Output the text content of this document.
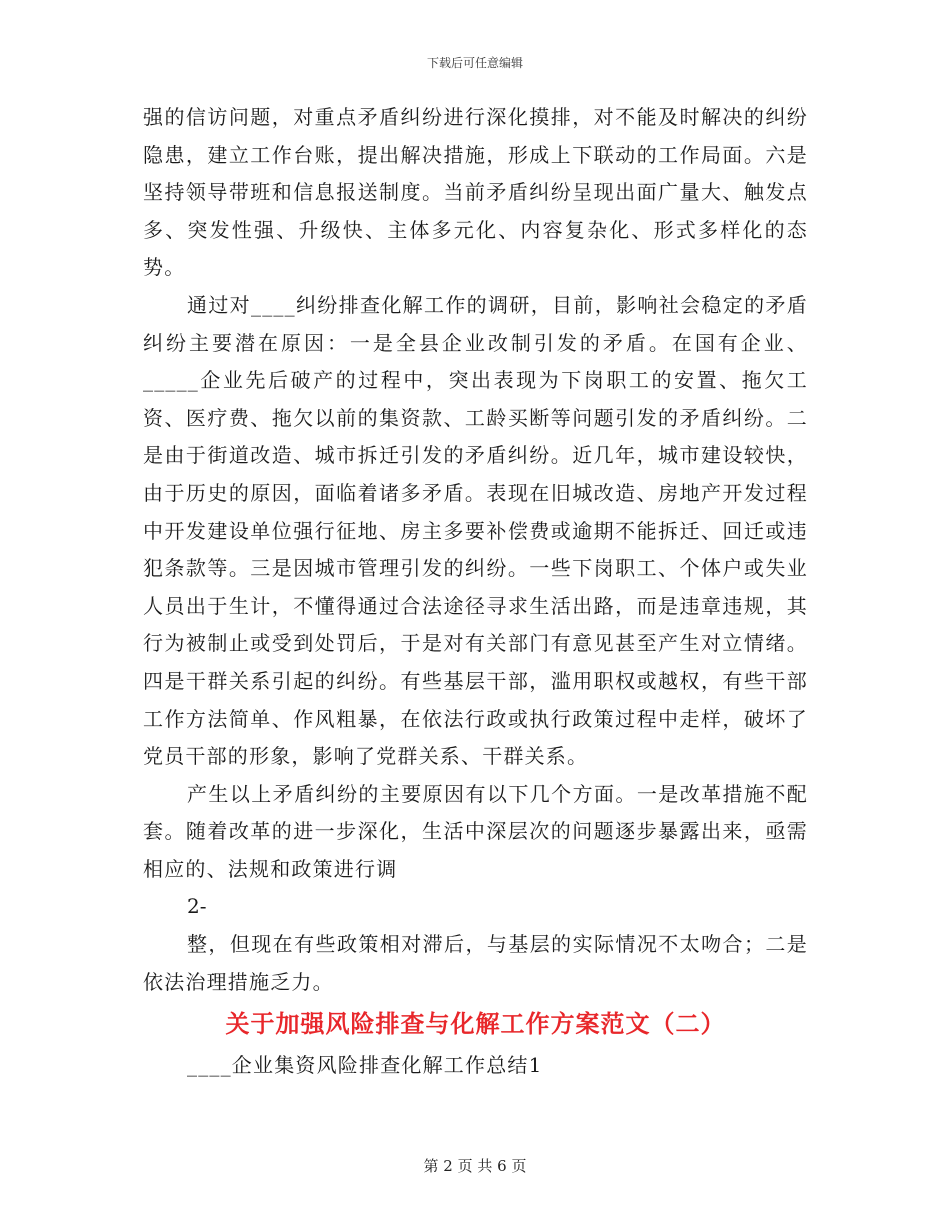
下载后可任意编辑

强的信访问题，对重点矛盾纠纷进行深化摸排，对不能及时解决的纠纷隐患，建立工作台账，提出解决措施，形成上下联动的工作局面。六是坚持领导带班和信息报送制度。当前矛盾纠纷呈现出面广量大、触发点多、突发性强、升级快、主体多元化、内容复杂化、形式多样化的态势。

通过对____纠纷排查化解工作的调研，目前，影响社会稳定的矛盾纠纷主要潜在原因：一是全县企业改制引发的矛盾。在国有企业、_____企业先后破产的过程中，突出表现为下岗职工的安置、拖欠工资、医疗费、拖欠以前的集资款、工龄买断等问题引发的矛盾纠纷。二是由于街道改造、城市拆迁引发的矛盾纠纷。近几年，城市建设较快，由于历史的原因，面临着诸多矛盾。表现在旧城改造、房地产开发过程中开发建设单位强行征地、房主多要补偿费或逾期不能拆迁、回迁或违犯条款等。三是因城市管理引发的纠纷。一些下岗职工、个体户或失业人员出于生计，不懂得通过合法途径寻求生活出路，而是违章违规，其行为被制止或受到处罚后，于是对有关部门有意见甚至产生对立情绪。四是干群关系引起的纠纷。有些基层干部，滥用职权或越权，有些干部工作方法简单、作风粗暴，在依法行政或执行政策过程中走样，破坏了党员干部的形象，影响了党群关系、干群关系。

产生以上矛盾纠纷的主要原因有以下几个方面。一是改革措施不配套。随着改革的进一步深化，生活中深层次的问题逐步暴露出来，亟需相应的、法规和政策进行调

2-

整，但现在有些政策相对滞后，与基层的实际情况不太吻合；二是依法治理措施乏力。

关于加强风险排查与化解工作方案范文（二）

____企业集资风险排查化解工作总结1

第 2 页 共 6 页
